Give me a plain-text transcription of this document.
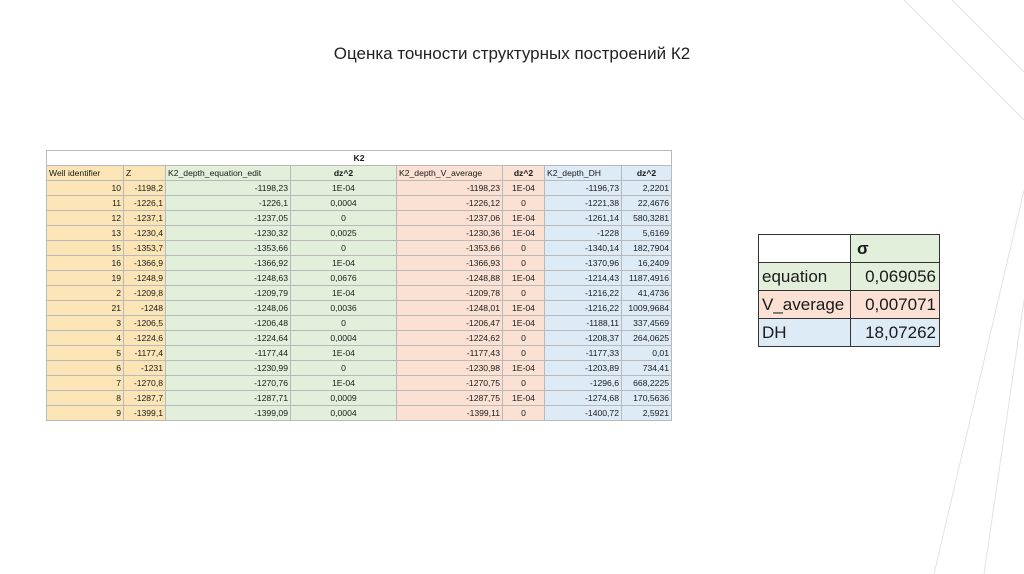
Оценка точности структурных построений К2
K2							
Well identifier	Z	K2_depth_equation_edit	dz^2	K2_depth_V_average	dz^2	K2_depth_DH	dz^2
10	-1198,2	-1198,23	1E-04	-1198,23	1E-04	-1196,73	2,2201
11	-1226,1	-1226,1	0,0004	-1226,12	0	-1221,38	22,4676
12	-1237,1	-1237,05	0	-1237,06	1E-04	-1261,14	580,3281
13	-1230,4	-1230,32	0,0025	-1230,36	1E-04	-1228	5,6169
15	-1353,7	-1353,66	0	-1353,66	0	-1340,14	182,7904
16	-1366,9	-1366,92	1E-04	-1366,93	0	-1370,96	16,2409
19	-1248,9	-1248,63	0,0676	-1248,88	1E-04	-1214,43	1187,4916
2	-1209,8	-1209,79	1E-04	-1209,78	0	-1216,22	41,4736
21	-1248	-1248,06	0,0036	-1248,01	1E-04	-1216,22	1009,9684
3	-1206,5	-1206,48	0	-1206,47	1E-04	-1188,11	337,4569
4	-1224,6	-1224,64	0,0004	-1224,62	0	-1208,37	264,0625
5	-1177,4	-1177,44	1E-04	-1177,43	0	-1177,33	0,01
6	-1231	-1230,99	0	-1230,98	1E-04	-1203,89	734,41
7	-1270,8	-1270,76	1E-04	-1270,75	0	-1296,6	668,2225
8	-1287,7	-1287,71	0,0009	-1287,75	1E-04	-1274,68	170,5636
9	-1399,1	-1399,09	0,0004	-1399,11	0	-1400,72	2,5921
	σ
equation	0,069056
V_average	0,007071
DH	18,07262
